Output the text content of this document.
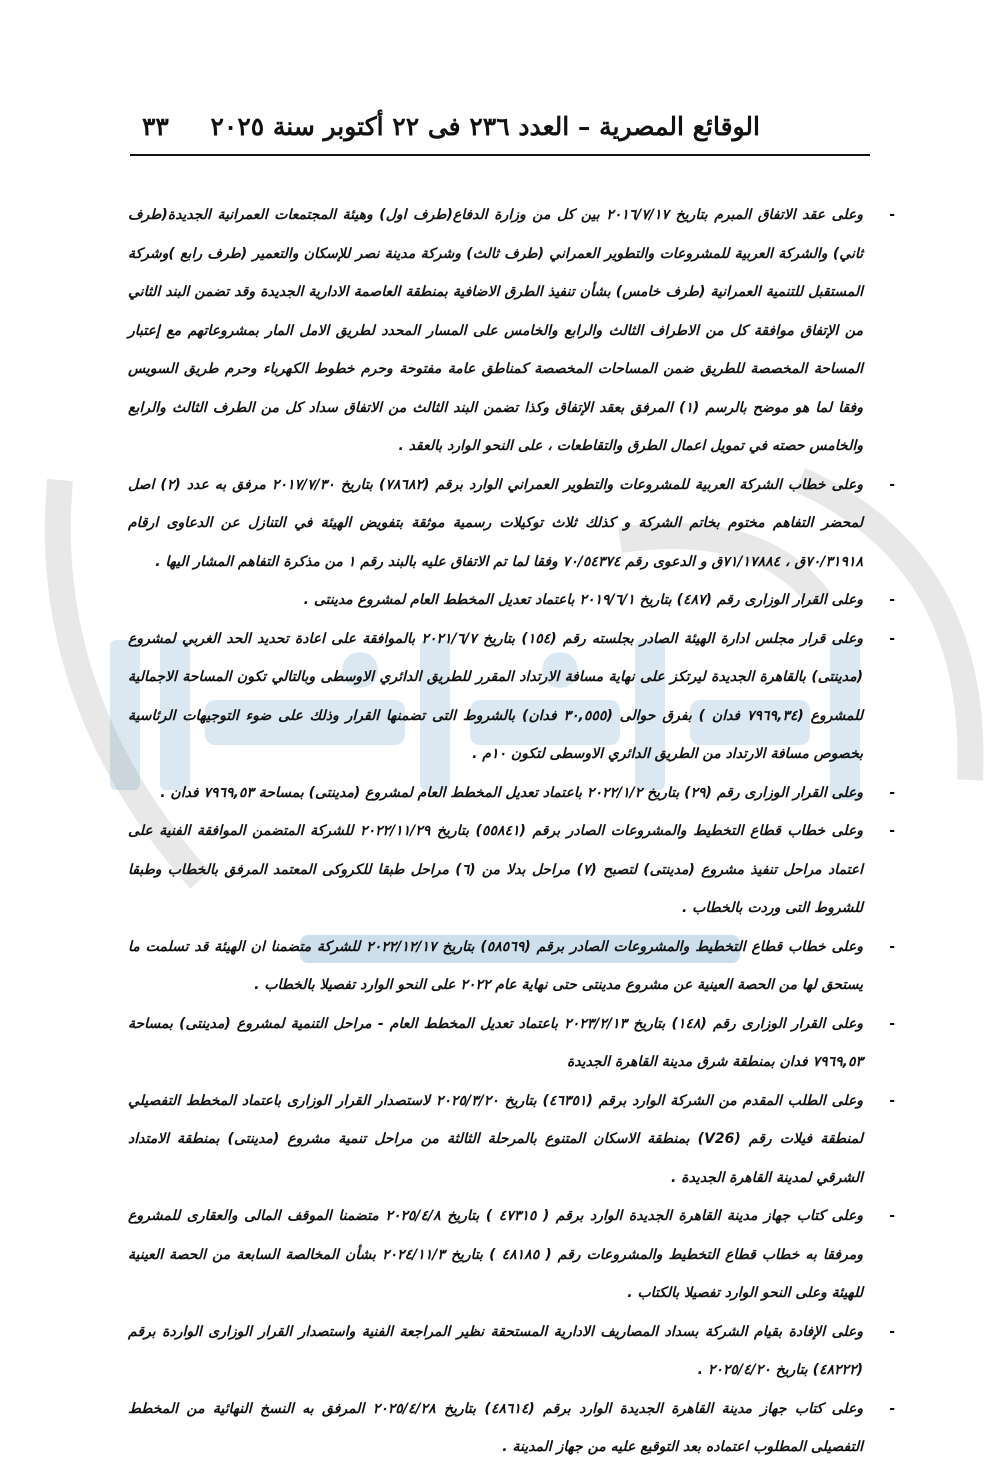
الوقائع المصرية – العدد ٢٣٦ فى ٢٢ أكتوبر سنة ٢٠٢٥
٣٣

-
وعلى عقد الاتفاق المبرم بتاريخ ٢٠١٦/٧/١٧ بين كل من وزارة الدفاع(طرف اول) وهيئة المجتمعات العمرانية الجديدة(طرف ثاني) والشركة العربية للمشروعات والتطوير العمراني (طرف ثالث) وشركة مدينة نصر للإسكان والتعمير (طرف رابع )وشركة المستقبل للتنمية العمرانية (طرف خامس) بشأن تنفيذ الطرق الاضافية بمنطقة العاصمة الادارية الجديدة وقد تضمن البند الثاني من الإتفاق موافقة كل من الاطراف الثالث والرابع والخامس على المسار المحدد لطريق الامل المار بمشروعاتهم مع إعتبار المساحة المخصصة للطريق ضمن المساحات المخصصة كمناطق عامة مفتوحة وحرم خطوط الكهرباء وحرم طريق السويس وفقا لما هو موضح بالرسم (١) المرفق بعقد الإتفاق وكذا تضمن البند الثالث من الاتفاق سداد كل من الطرف الثالث والرابع والخامس حصته في تمويل اعمال الطرق والتقاطعات ، على النحو الوارد بالعقد .

-
وعلى خطاب الشركة العربية للمشروعات والتطوير العمراني الوارد برقم (٧٨٦٨٢) بتاريخ ٢٠١٧/٧/٣٠ مرفق به عدد (٢) اصل لمحضر التفاهم مختوم بخاتم الشركة و كذلك ثلاث توكيلات رسمية موثقة بتفويض الهيئة في التنازل عن الدعاوى ارقام ٧٠/٣١٩١٨ق ، ٧١/١٧٨٨٤ق و الدعوى رقم ٧٠/٥٤٣٧٤ وفقا لما تم الاتفاق عليه بالبند رقم ١ من مذكرة التفاهم المشار اليها .

-
وعلى القرار الوزارى رقم (٤٨٧) بتاريخ ٢٠١٩/٦/١ باعتماد تعديل المخطط العام لمشروع مدينتى .

-
وعلى قرار مجلس ادارة الهيئة الصادر بجلسته رقم (١٥٤) بتاريخ ٢٠٢١/٦/٧ بالموافقة على اعادة تحديد الحد الغربي لمشروع (مدينتى) بالقاهرة الجديدة ليرتكز على نهاية مسافة الارتداد المقرر للطريق الدائري الاوسطى وبالتالي تكون المساحة الاجمالية للمشروع (٧٩٦٩,٣٤ فدان ) بفرق حوالى (٣٠,٥٥٥ فدان) بالشروط التى تضمنها القرار وذلك على ضوء التوجيهات الرئاسية بخصوص مسافة الارتداد من الطريق الدائري الاوسطى لتكون ١٠م .

-
وعلى القرار الوزارى رقم (٢٩) بتاريخ ٢٠٢٢/١/٢ باعتماد تعديل المخطط العام لمشروع (مدينتى) بمساحة ٧٩٦٩,٥٣ فدان .

-
وعلى خطاب قطاع التخطيط والمشروعات الصادر برقم (٥٥٨٤١) بتاريخ ٢٠٢٢/١١/٢٩ للشركة المتضمن الموافقة الفنية على اعتماد مراحل تنفيذ مشروع (مدينتى) لتصبح (٧) مراحل بدلا من (٦) مراحل طبقا للكروكى المعتمد المرفق بالخطاب وطبقا للشروط التى وردت بالخطاب .

-
وعلى خطاب قطاع التخطيط والمشروعات الصادر برقم (٥٨٥٦٩) بتاريخ ٢٠٢٢/١٢/١٧ للشركة متضمنا ان الهيئة قد تسلمت ما يستحق لها من الحصة العينية عن مشروع مدينتى حتى نهاية عام ٢٠٢٢ على النحو الوارد تفصيلا بالخطاب .

-
وعلى القرار الوزارى رقم (١٤٨) بتاريخ ٢٠٢٣/٢/١٣ باعتماد تعديل المخطط العام - مراحل التنمية لمشروع (مدينتى) بمساحة ٧٩٦٩,٥٣ فدان بمنطقة شرق مدينة القاهرة الجديدة

-
وعلى الطلب المقدم من الشركة الوارد برقم (٤٦٣٥١) بتاريخ ٢٠٢٥/٣/٢٠ لاستصدار القرار الوزارى باعتماد المخطط التفصيلي لمنطقة فيلات رقم (V26) بمنطقة الاسكان المتنوع بالمرحلة الثالثة من مراحل تنمية مشروع (مدينتى) بمنطقة الامتداد الشرقي لمدينة القاهرة الجديدة .

-
وعلى كتاب جهاز مدينة القاهرة الجديدة الوارد برقم ( ٤٧٣١٥ ) بتاريخ ٢٠٢٥/٤/٨ متضمنا الموقف المالى والعقارى للمشروع ومرفقا به خطاب قطاع التخطيط والمشروعات رقم ( ٤٨١٨٥ ) بتاريخ ٢٠٢٤/١١/٣ بشأن المخالصة السابعة من الحصة العينية للهيئة وعلى النحو الوارد تفصيلا بالكتاب .

-
وعلى الإفادة بقيام الشركة بسداد المصاريف الادارية المستحقة نظير المراجعة الفنية واستصدار القرار الوزارى الواردة برقم (٤٨٢٢٢) بتاريخ ٢٠٢٥/٤/٢٠ .

-
وعلى كتاب جهاز مدينة القاهرة الجديدة الوارد برقم (٤٨٦١٤) بتاريخ ٢٠٢٥/٤/٢٨ المرفق به النسخ النهائية من المخطط التفصيلى المطلوب اعتماده بعد التوقيع عليه من جهاز المدينة .
